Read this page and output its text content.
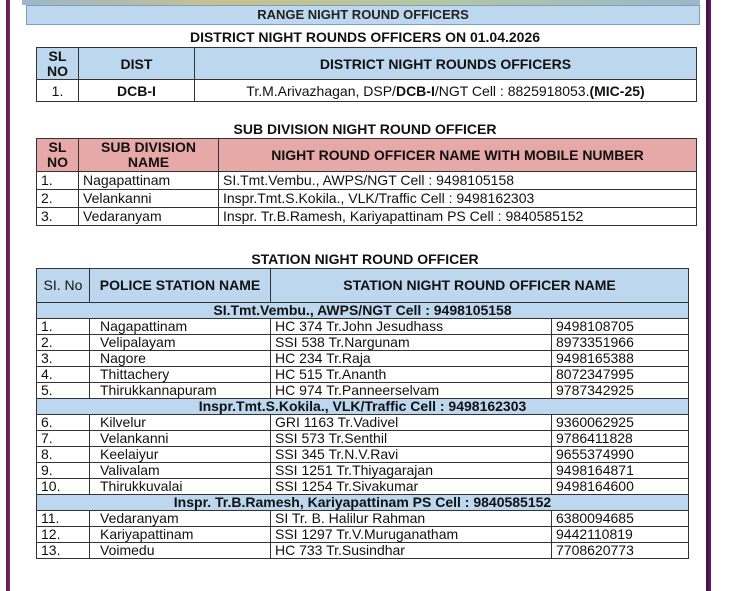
RANGE NIGHT ROUND OFFICERS
DISTRICT NIGHT ROUNDS OFFICERS ON 01.04.2026
SL NO	DIST	DISTRICT NIGHT ROUNDS OFFICERS
1.	DCB-I	Tr.M.Arivazhagan, DSP/DCB-I/NGT Cell : 8825918053.(MIC-25)
SUB DIVISION NIGHT ROUND OFFICER
SL NO	SUB DIVISION NAME	NIGHT ROUND OFFICER NAME WITH MOBILE NUMBER
1.	Nagapattinam	SI.Tmt.Vembu., AWPS/NGT Cell : 9498105158
2.	Velankanni	Inspr.Tmt.S.Kokila., VLK/Traffic Cell : 9498162303
3.	Vedaranyam	Inspr. Tr.B.Ramesh, Kariyapattinam PS Cell : 9840585152
STATION NIGHT ROUND OFFICER
SI. No	POLICE STATION NAME	STATION NIGHT ROUND OFFICER NAME	
SI.Tmt.Vembu., AWPS/NGT Cell : 9498105158			
1.	Nagapattinam	HC 374 Tr.John Jesudhass	9498108705
2.	Velipalayam	SSI 538 Tr.Nargunam	8973351966
3.	Nagore	HC 234 Tr.Raja	9498165388
4.	Thittachery	HC 515 Tr.Ananth	8072347995
5.	Thirukkannapuram	HC 974 Tr.Panneerselvam	9787342925
Inspr.Tmt.S.Kokila., VLK/Traffic Cell : 9498162303			
6.	Kilvelur	GRI 1163 Tr.Vadivel	9360062925
7.	Velankanni	SSI 573 Tr.Senthil	9786411828
8.	Keelaiyur	SSI 345 Tr.N.V.Ravi	9655374990
9.	Valivalam	SSI 1251 Tr.Thiyagarajan	9498164871
10.	Thirukkuvalai	SSI 1254 Tr.Sivakumar	9498164600
Inspr. Tr.B.Ramesh, Kariyapattinam PS Cell : 9840585152			
11.	Vedaranyam	SI Tr. B. Halilur Rahman	6380094685
12.	Kariyapattinam	SSI 1297 Tr.V.Muruganatham	9442110819
13.	Voimedu	HC 733 Tr.Susindhar	7708620773
